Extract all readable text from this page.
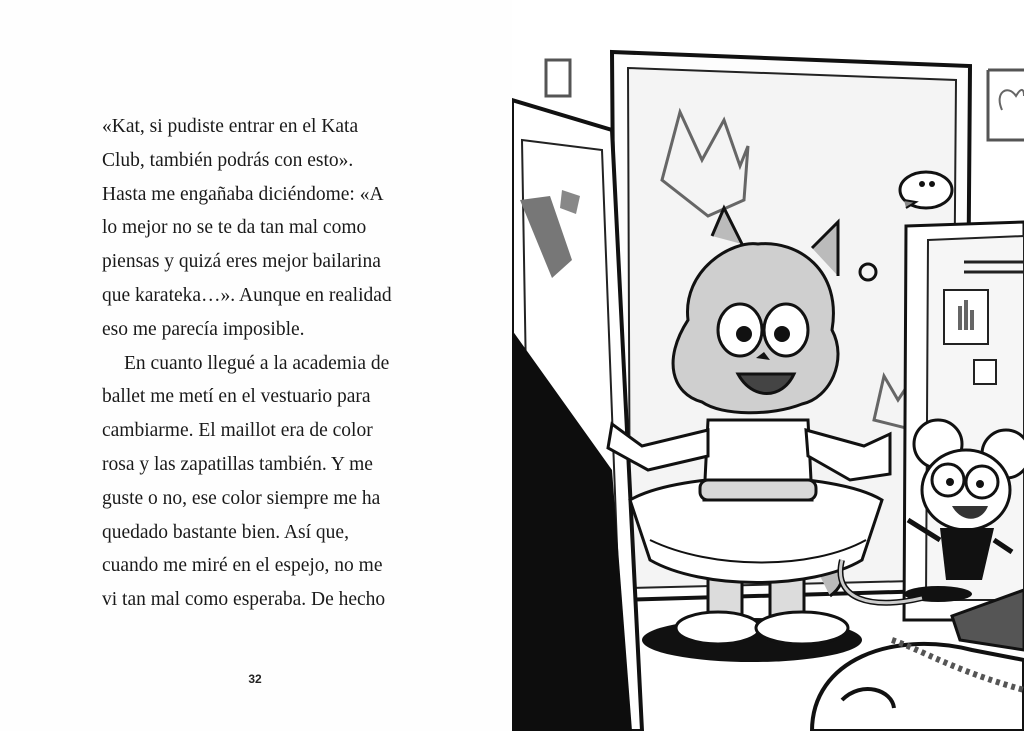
«Kat, si pudiste entrar en el Kata
Club, también podrás con esto».
Hasta me engañaba diciéndome: «A
lo mejor no se te da tan mal como
piensas y quizá eres mejor bailarina
que karateka…». Aunque en realidad
eso me parecía imposible.
En cuanto llegué a la academia de
ballet me metí en el vestuario para
cambiarme. El maillot era de color
rosa y las zapatillas también. Y me
guste o no, ese color siempre me ha
quedado bastante bien. Así que,
cuando me miré en el espejo, no me
vi tan mal como esperaba. De hecho
32
